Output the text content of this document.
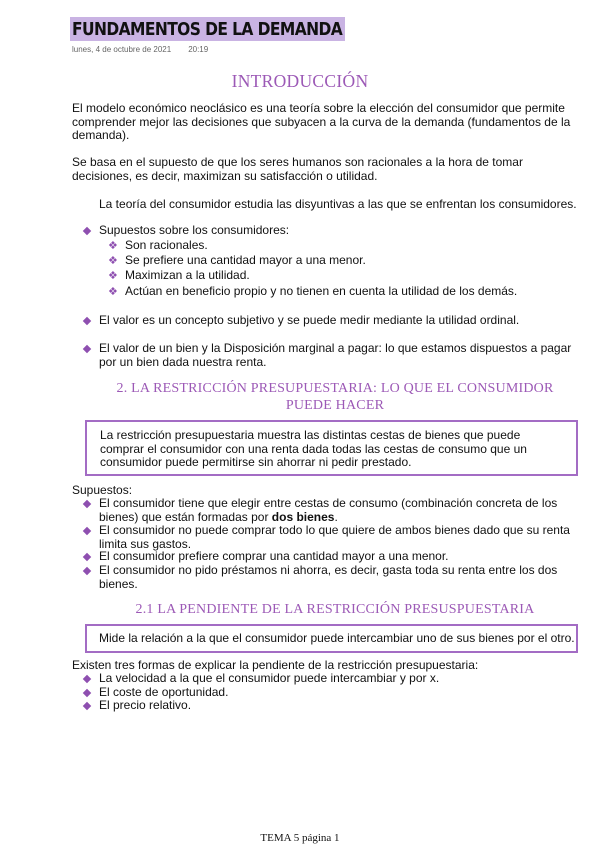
FUNDAMENTOS DE LA DEMANDA
lunes, 4 de octubre de 2021 20:19
INTRODUCCIÓN
El modelo económico neoclásico es una teoría sobre la elección del consumidor que permite comprender mejor las decisiones que subyacen a la curva de la demanda (fundamentos de la demanda).
Se basa en el supuesto de que los seres humanos son racionales a la hora de tomar decisiones, es decir, maximizan su satisfacción o utilidad.
La teoría del consumidor estudia las disyuntivas a las que se enfrentan los consumidores.
Supuestos sobre los consumidores:
❖ Son racionales.
❖ Se prefiere una cantidad mayor a una menor.
❖ Maximizan a la utilidad.
❖ Actúan en beneficio propio y no tienen en cuenta la utilidad de los demás.
El valor es un concepto subjetivo y se puede medir mediante la utilidad ordinal.
El valor de un bien y la Disposición marginal a pagar: lo que estamos dispuestos a pagar por un bien dada nuestra renta.
2. LA RESTRICCIÓN PRESUPUESTARIA: LO QUE EL CONSUMIDOR
PUEDE HACER
La restricción presupuestaria muestra las distintas cestas de bienes que puede comprar el consumidor con una renta dada todas las cestas de consumo que un consumidor puede permitirse sin ahorrar ni pedir prestado.
Supuestos:
El consumidor tiene que elegir entre cestas de consumo (combinación concreta de los bienes) que están formadas por dos bienes.
El consumidor no puede comprar todo lo que quiere de ambos bienes dado que su renta limita sus gastos.
El consumidor prefiere comprar una cantidad mayor a una menor.
El consumidor no pido préstamos ni ahorra, es decir, gasta toda su renta entre los dos bienes.
2.1 LA PENDIENTE DE LA RESTRICCIÓN PRESUSPUESTARIA
Mide la relación a la que el consumidor puede intercambiar uno de sus bienes por el otro.
Existen tres formas de explicar la pendiente de la restricción presupuestaria:
La velocidad a la que el consumidor puede intercambiar y por x.
El coste de oportunidad.
El precio relativo.
TEMA 5 página 1
